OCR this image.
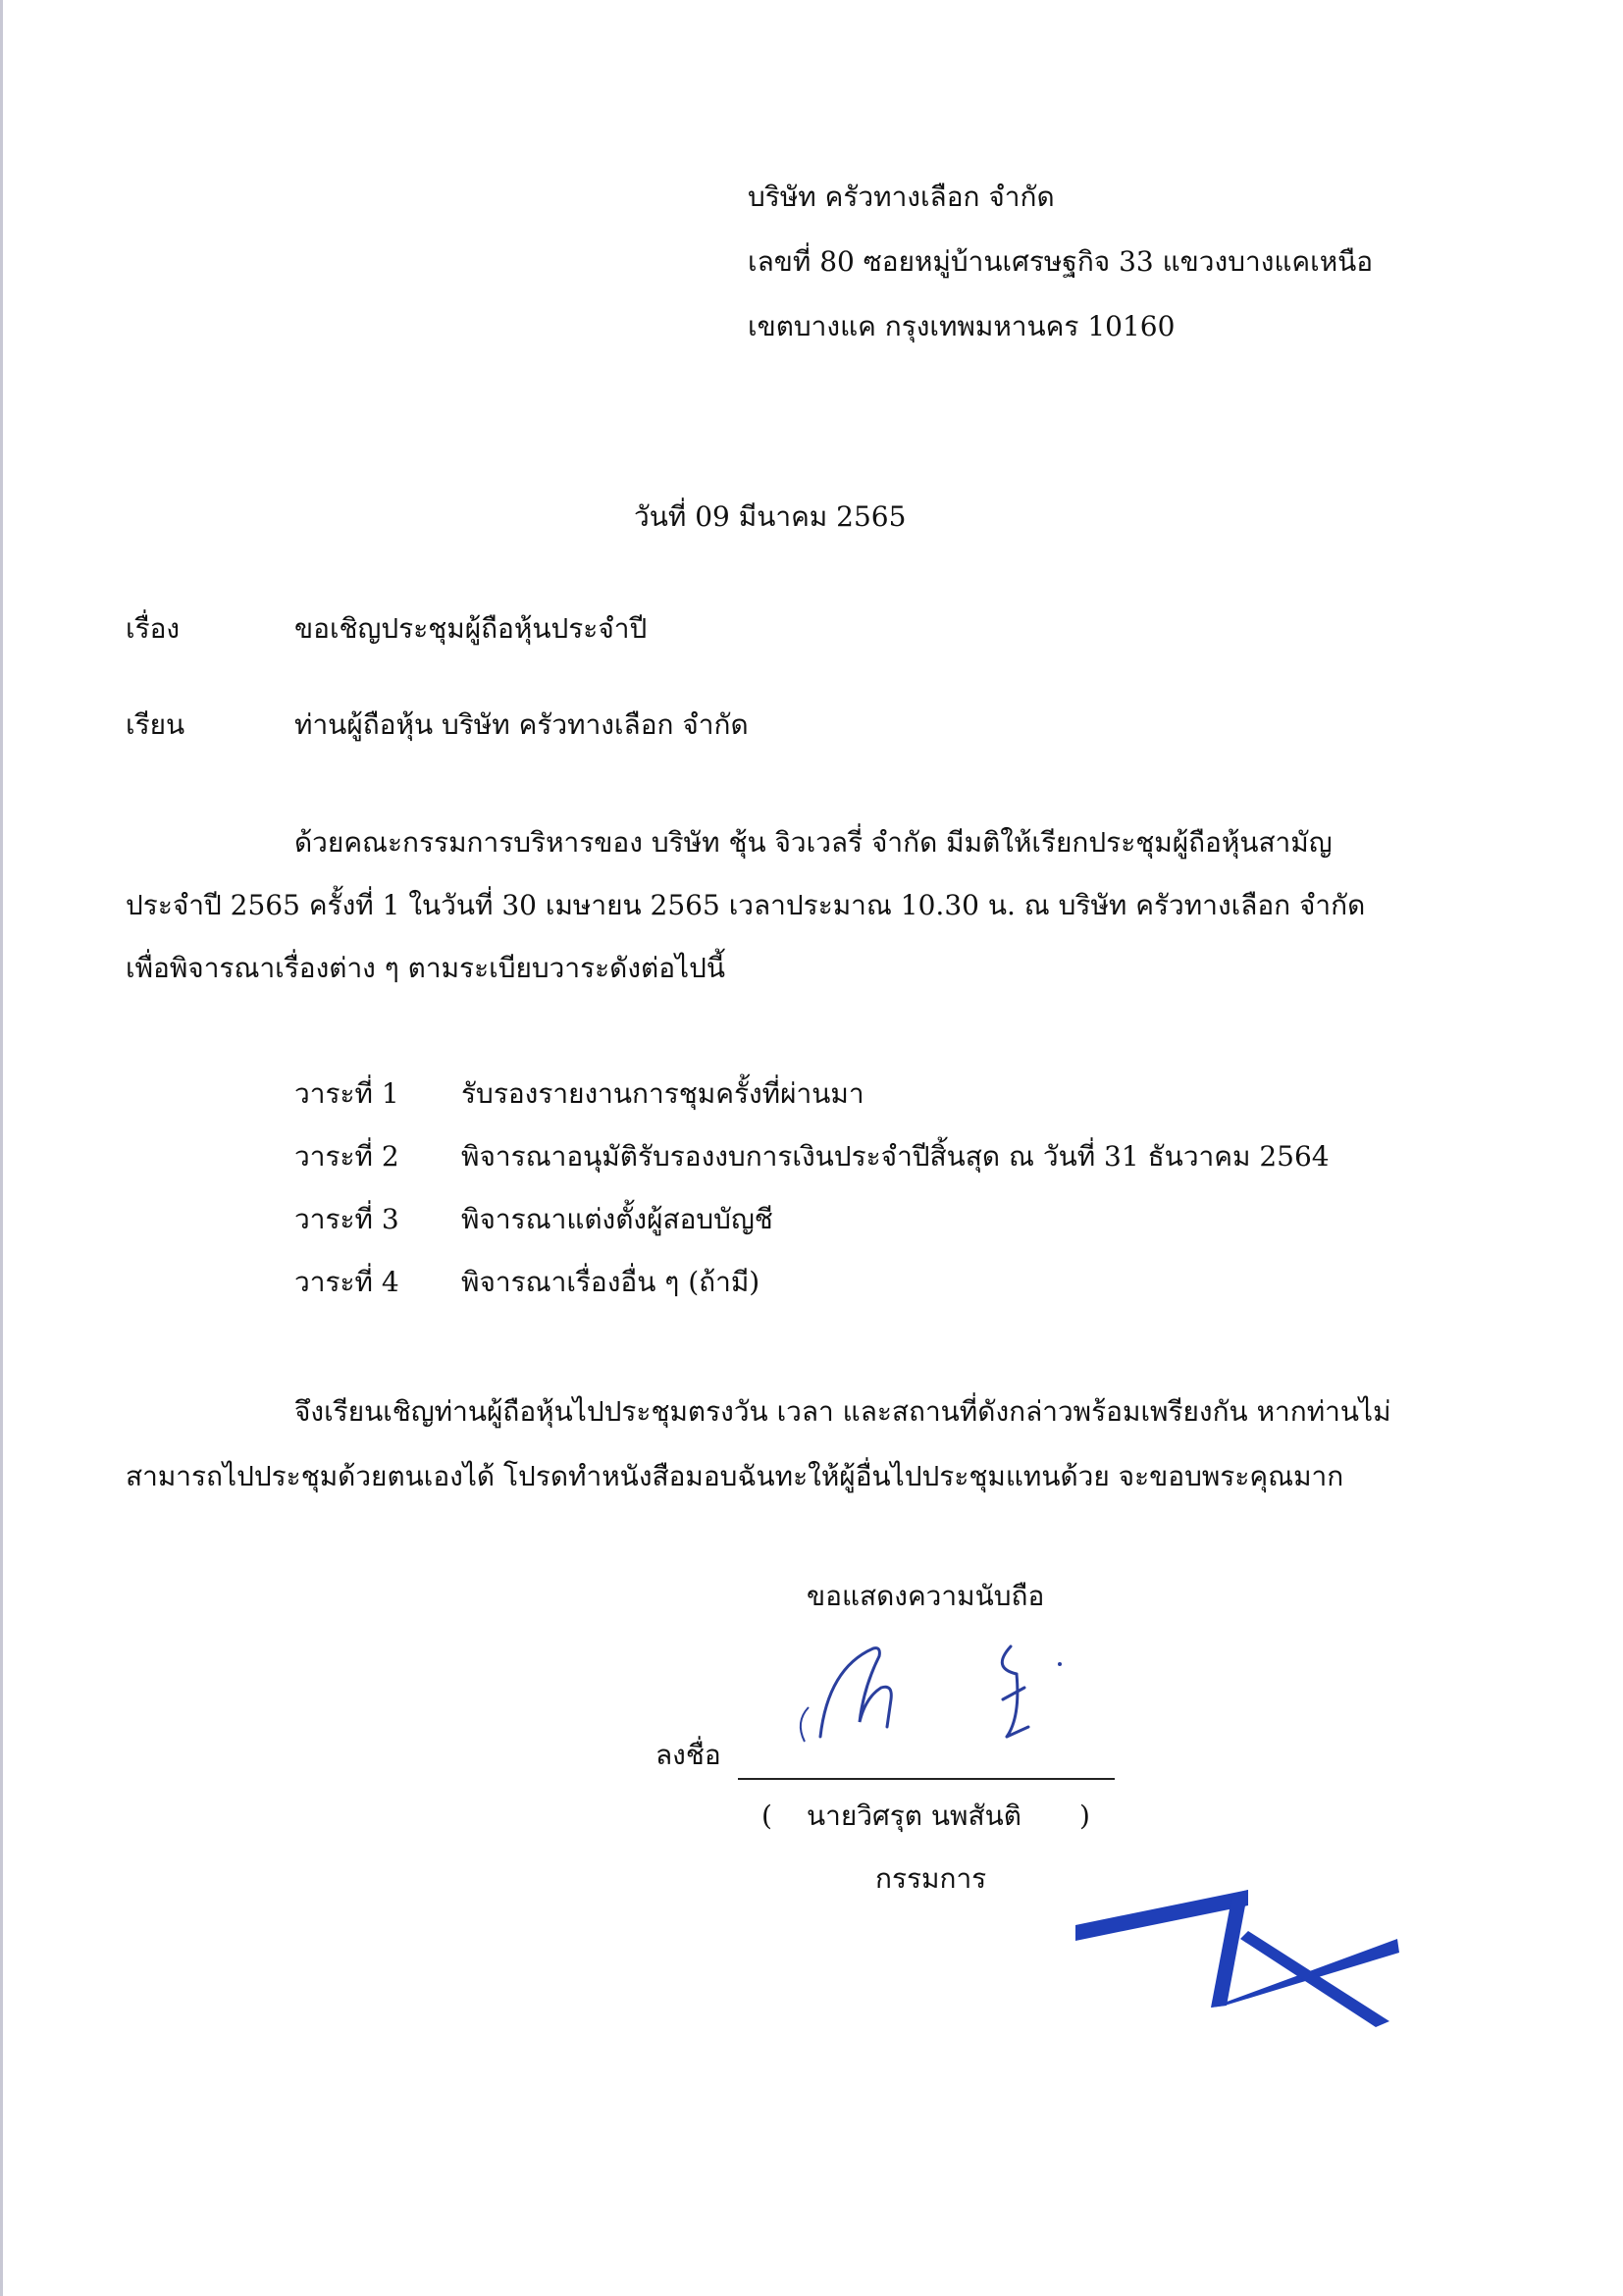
บริษัท ครัวทางเลือก จำกัด
เลขที่ 80 ซอยหมู่บ้านเศรษฐกิจ 33 แขวงบางแคเหนือ
เขตบางแค กรุงเทพมหานคร 10160
วันที่ 09 มีนาคม 2565
เรื่อง	ขอเชิญประชุมผู้ถือหุ้นประจำปี
เรียน	ท่านผู้ถือหุ้น บริษัท ครัวทางเลือก จำกัด
ด้วยคณะกรรมการบริหารของ บริษัท ชุ้น จิวเวลรี่ จำกัด มีมติให้เรียกประชุมผู้ถือหุ้นสามัญ
ประจำปี 2565 ครั้งที่ 1 ในวันที่ 30 เมษายน 2565 เวลาประมาณ 10.30 น. ณ บริษัท ครัวทางเลือก จำกัด
เพื่อพิจารณาเรื่องต่าง ๆ ตามระเบียบวาระดังต่อไปนี้
วาระที่ 1 รับรองรายงานการชุมครั้งที่ผ่านมา
วาระที่ 2 พิจารณาอนุมัติรับรองงบการเงินประจำปีสิ้นสุด ณ วันที่ 31 ธันวาคม 2564
วาระที่ 3 พิจารณาแต่งตั้งผู้สอบบัญชี
วาระที่ 4 พิจารณาเรื่องอื่น ๆ (ถ้ามี)
จึงเรียนเชิญท่านผู้ถือหุ้นไปประชุมตรงวัน เวลา และสถานที่ดังกล่าวพร้อมเพรียงกัน หากท่านไม่
สามารถไปประชุมด้วยตนเองได้ โปรดทำหนังสือมอบฉันทะให้ผู้อื่นไปประชุมแทนด้วย จะขอบพระคุณมาก
ขอแสดงความนับถือ
ลงชื่อ
( นายวิศรุต นพสันติ )
กรรมการ
